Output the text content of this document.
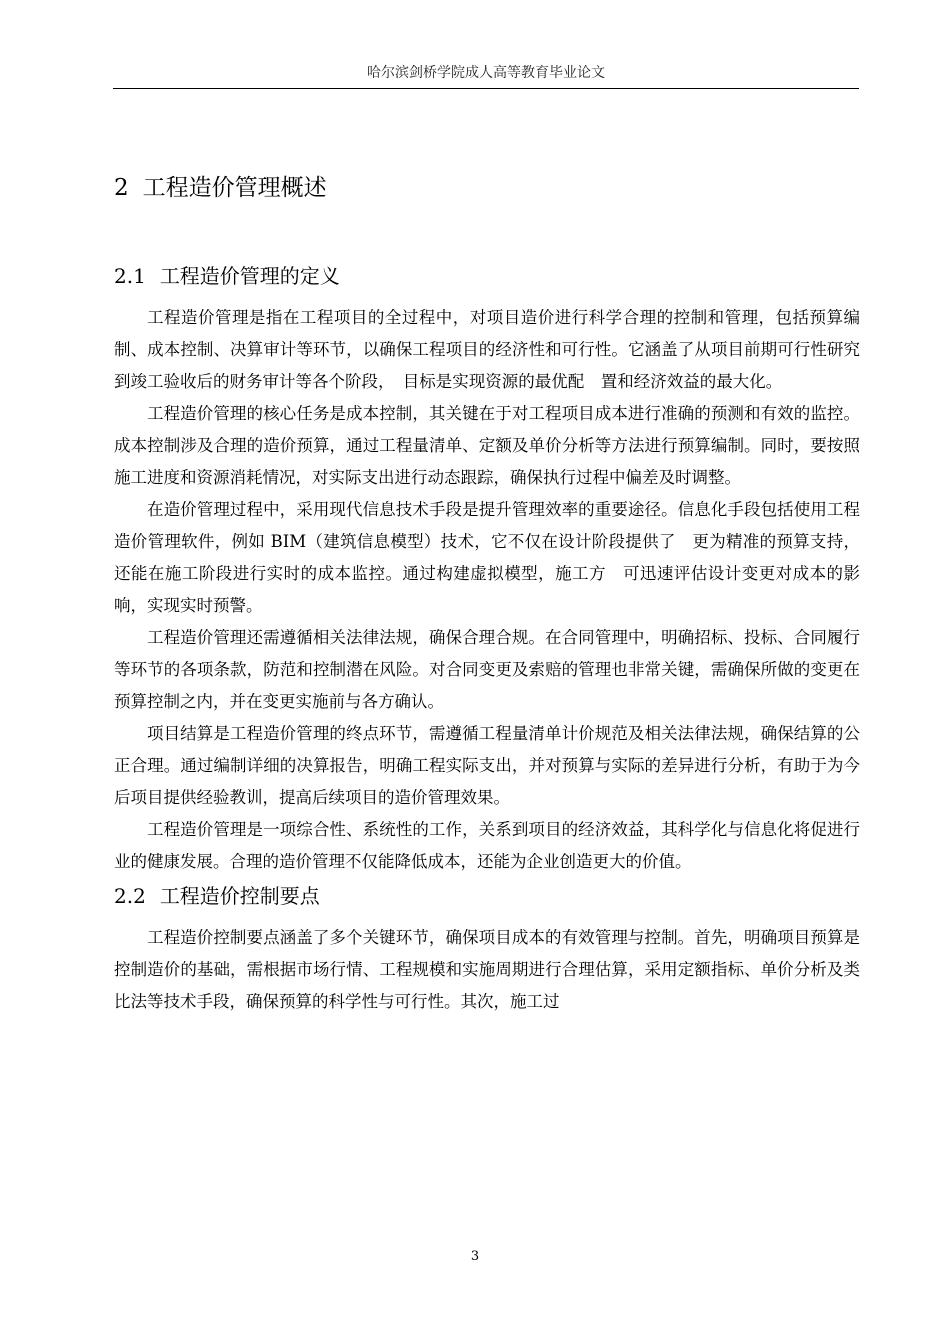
哈尔滨剑桥学院成人高等教育毕业论文
2 工程造价管理概述
2.1 工程造价管理的定义

工程造价管理是指在工程项目的全过程中，对项目造价进行科学合理的控制和管理，包括预算编制、成本控制、决算审计等环节，以确保工程项目的经济性和可行性。它涵盖了从项目前期可行性研究到竣工验收后的财务审计等各个阶段，　目标是实现资源的最优配　置和经济效益的最大化。

工程造价管理的核心任务是成本控制，其关键在于对工程项目成本进行准确的预测和有效的监控。成本控制涉及合理的造价预算，通过工程量清单、定额及单价分析等方法进行预算编制。同时，要按照施工进度和资源消耗情况，对实际支出进行动态跟踪，确保执行过程中偏差及时调整。

在造价管理过程中，采用现代信息技术手段是提升管理效率的重要途径。信息化手段包括使用工程造价管理软件，例如 BIM（建筑信息模型）技术，它不仅在设计阶段提供了　更为精准的预算支持，还能在施工阶段进行实时的成本监控。通过构建虚拟模型，施工方　可迅速评估设计变更对成本的影响，实现实时预警。

工程造价管理还需遵循相关法律法规，确保合理合规。在合同管理中，明确招标、投标、合同履行等环节的各项条款，防范和控制潜在风险。对合同变更及索赔的管理也非常关键，需确保所做的变更在预算控制之内，并在变更实施前与各方确认。

项目结算是工程造价管理的终点环节，需遵循工程量清单计价规范及相关法律法规，确保结算的公正合理。通过编制详细的决算报告，明确工程实际支出，并对预算与实际的差异进行分析，有助于为今后项目提供经验教训，提高后续项目的造价管理效果。

工程造价管理是一项综合性、系统性的工作，关系到项目的经济效益，其科学化与信息化将促进行业的健康发展。合理的造价管理不仅能降低成本，还能为企业创造更大的价值。

2.2 工程造价控制要点

工程造价控制要点涵盖了多个关键环节，确保项目成本的有效管理与控制。首先，明确项目预算是控制造价的基础，需根据市场行情、工程规模和实施周期进行合理估算，采用定额指标、单价分析及类比法等技术手段，确保预算的科学性与可行性。其次，施工过

3
